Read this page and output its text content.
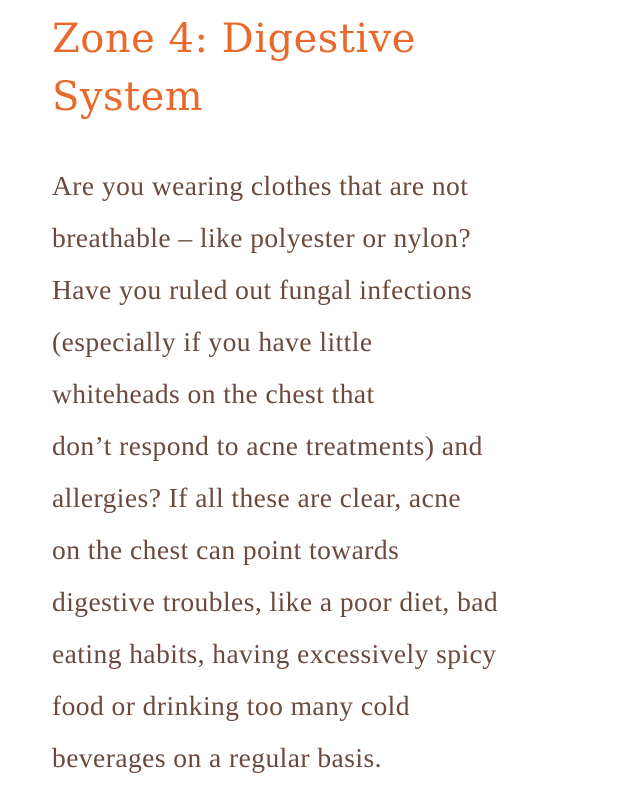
Zone 4: Digestive
System
Are you wearing clothes that are not
breathable – like polyester or nylon?
Have you ruled out fungal infections
(especially if you have little
whiteheads on the chest that
don’t respond to acne treatments) and
allergies? If all these are clear, acne
on the chest can point towards
digestive troubles, like a poor diet, bad
eating habits, having excessively spicy
food or drinking too many cold
beverages on a regular basis.
